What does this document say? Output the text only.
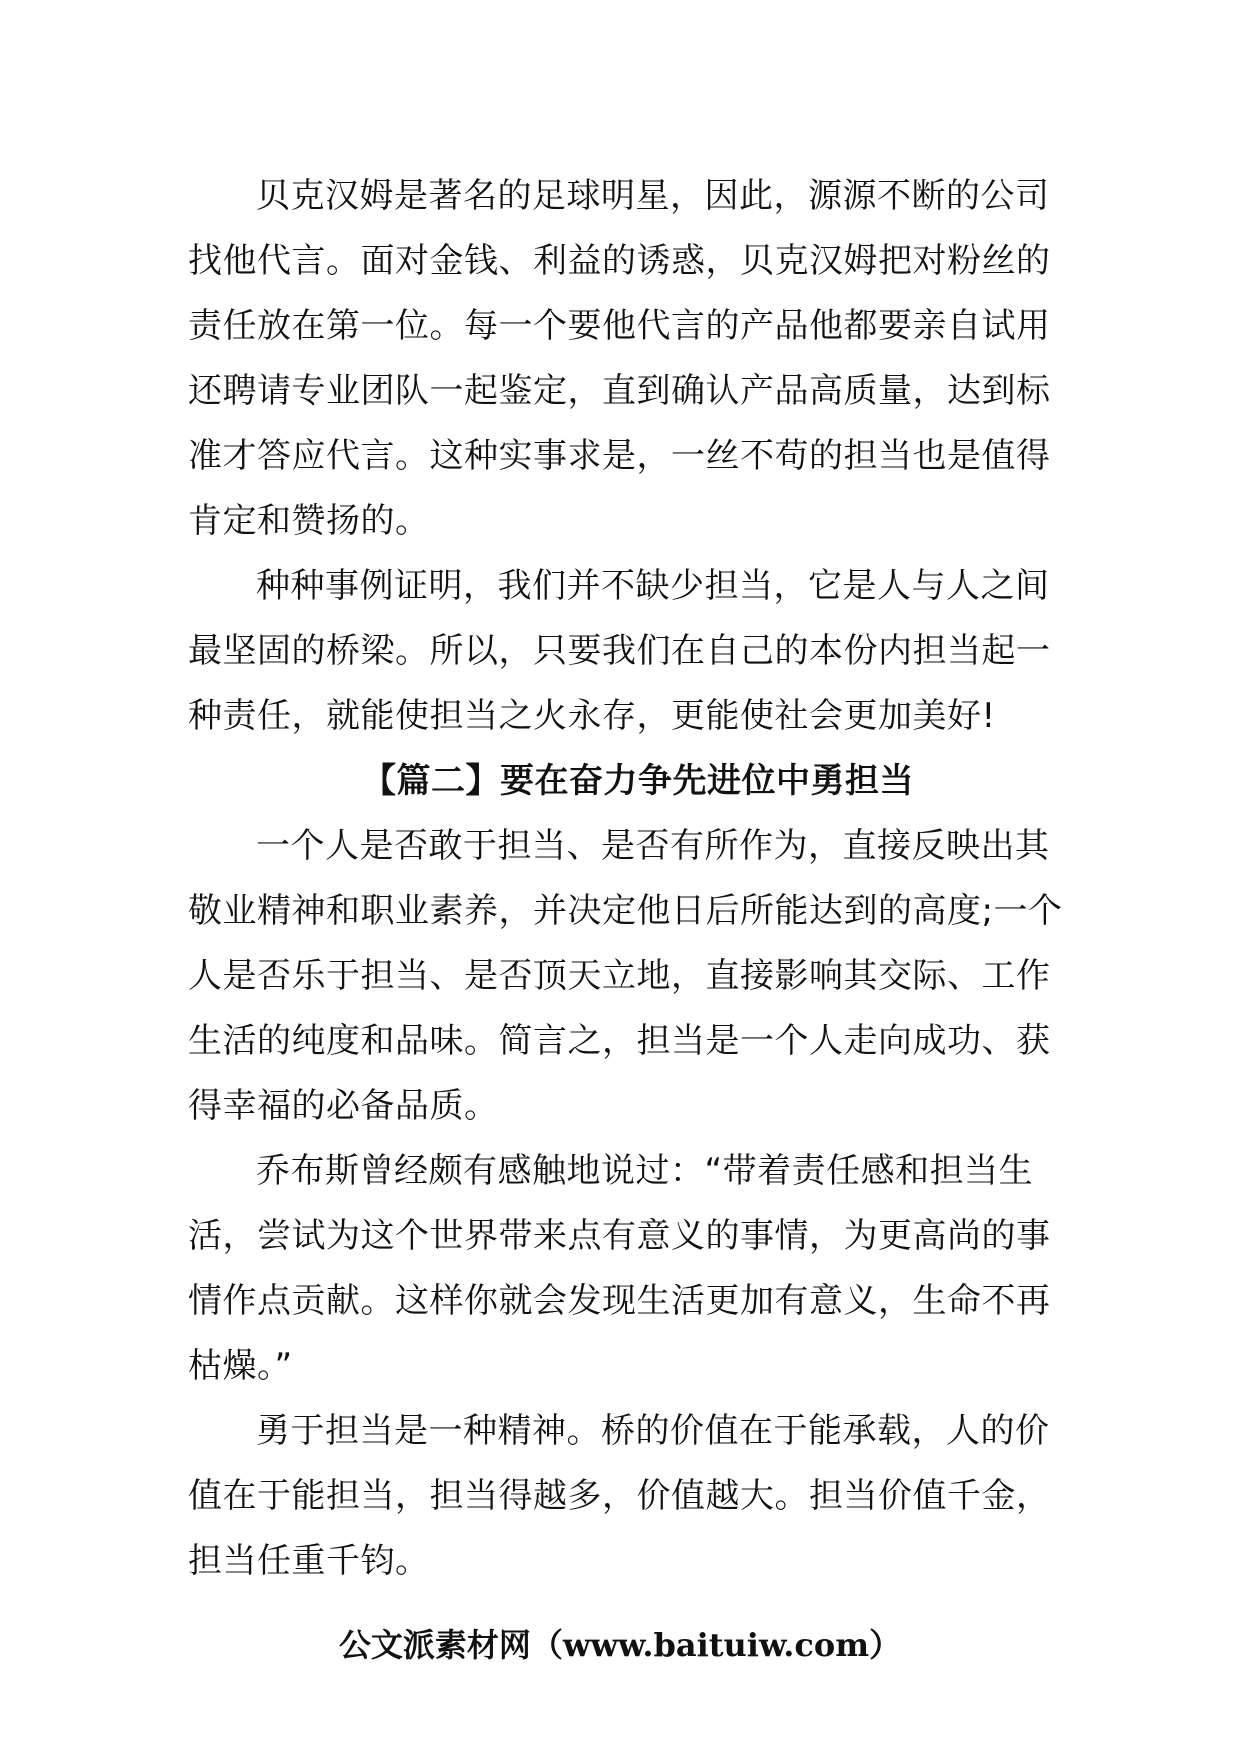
贝克汉姆是著名的足球明星，因此，源源不断的公司
找他代言。面对金钱、利益的诱惑，贝克汉姆把对粉丝的
责任放在第一位。每一个要他代言的产品他都要亲自试用
还聘请专业团队一起鉴定，直到确认产品高质量，达到标
准才答应代言。这种实事求是，一丝不苟的担当也是值得
肯定和赞扬的。
种种事例证明，我们并不缺少担当，它是人与人之间
最坚固的桥梁。所以，只要我们在自己的本份内担当起一
种责任，就能使担当之火永存，更能使社会更加美好!
【篇二】要在奋力争先进位中勇担当
一个人是否敢于担当、是否有所作为，直接反映出其
敬业精神和职业素养，并决定他日后所能达到的高度;一个
人是否乐于担当、是否顶天立地，直接影响其交际、工作
生活的纯度和品味。简言之，担当是一个人走向成功、获
得幸福的必备品质。
乔布斯曾经颇有感触地说过：“带着责任感和担当生
活，尝试为这个世界带来点有意义的事情，为更高尚的事
情作点贡献。这样你就会发现生活更加有意义，生命不再
枯燥。”
勇于担当是一种精神。桥的价值在于能承载，人的价
值在于能担当，担当得越多，价值越大。担当价值千金，
担当任重千钧。
公文派素材网（www.baituiw.com）
